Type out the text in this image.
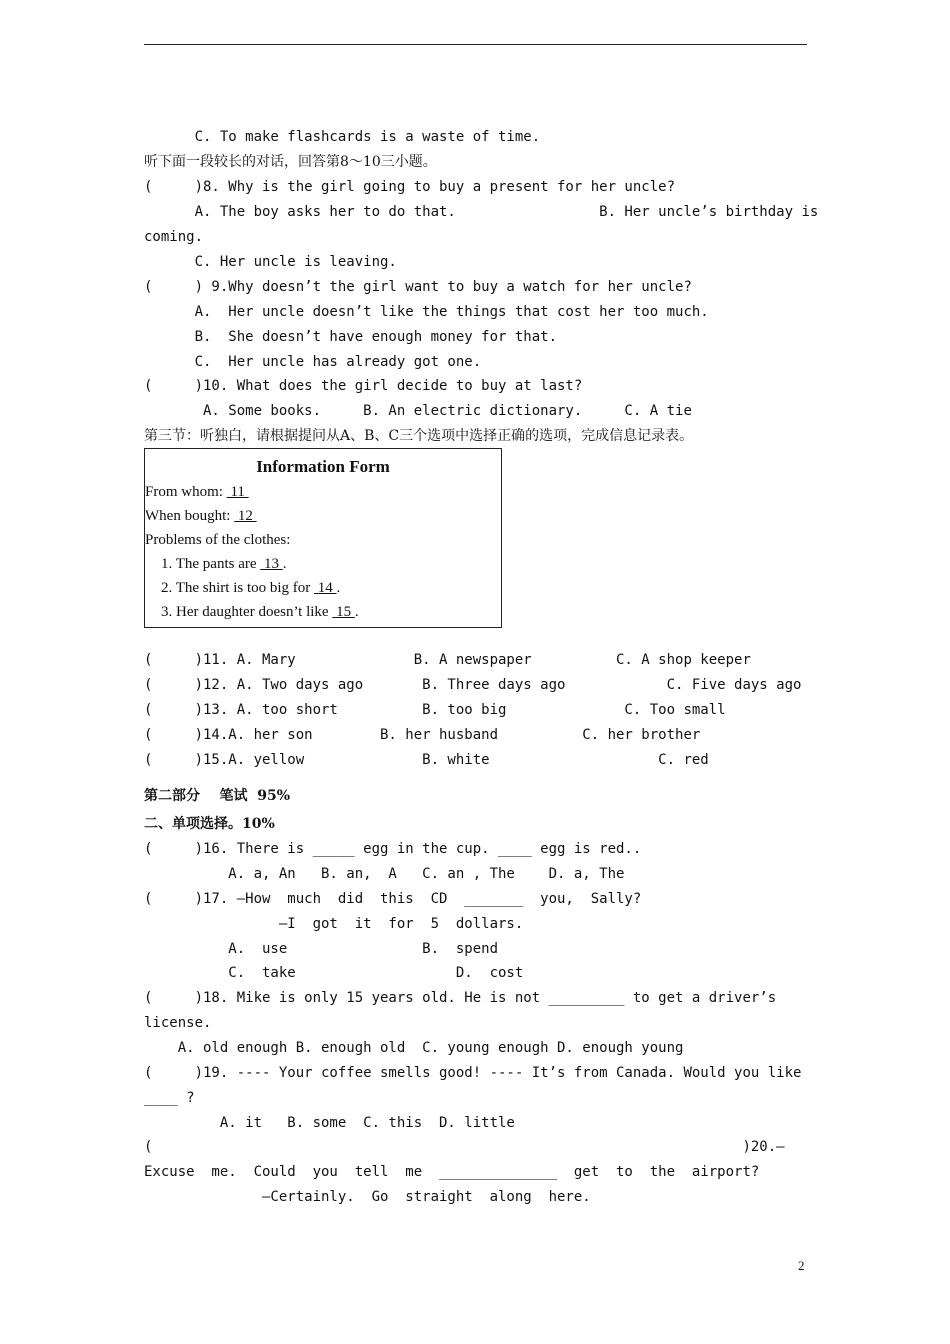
C. To make flashcards is a waste of time.
听下面一段较长的对话，回答第8～10三小题。
(     )8. Why is the girl going to buy a present for her uncle?
A. The boy asks her to do that.                 B. Her uncle’s birthday is
coming.
C. Her uncle is leaving.
(     ) 9.Why doesn’t the girl want to buy a watch for her uncle?
A.  Her uncle doesn’t like the things that cost her too much.
B.  She doesn’t have enough money for that.
C.  Her uncle has already got one.
(     )10. What does the girl decide to buy at last?
A. Some books.     B. An electric dictionary.     C. A tie
第三节：听独白，请根据提问从A、B、C三个选项中选择正确的选项，完成信息记录表。
Information Form
From whom:  11
When bought:  12
Problems of the clothes:
1. The pants are  13 .
2. The shirt is too big for  14 .
3. Her daughter doesn’t like  15 .
(     )11. A. Mary              B. A newspaper          C. A shop keeper
(     )12. A. Two days ago       B. Three days ago            C. Five days ago
(     )13. A. too short          B. too big              C. Too small
(     )14.A. her son        B. her husband          C. her brother
(     )15.A. yellow              B. white                    C. red
第二部分    笔试  95%
二、单项选择。10%
(     )16. There is _____ egg in the cup. ____ egg is red..
A. a, An   B. an,  A   C. an , The    D. a, The
(     )17. —How  much  did  this  CD  _______  you,  Sally?
—I  got  it  for  5  dollars.
A.  use                B.  spend
C.  take                   D.  cost
(     )18. Mike is only 15 years old. He is not _________ to get a driver’s
license.
A. old enough B. enough old  C. young enough D. enough young
(     )19. ---- Your coffee smells good! ---- It’s from Canada. Would you like
____ ?
A. it   B. some  C. this  D. little
(                                                                      )20.—
Excuse  me.  Could  you  tell  me  ______________  get  to  the  airport?
—Certainly.  Go  straight  along  here.
2
